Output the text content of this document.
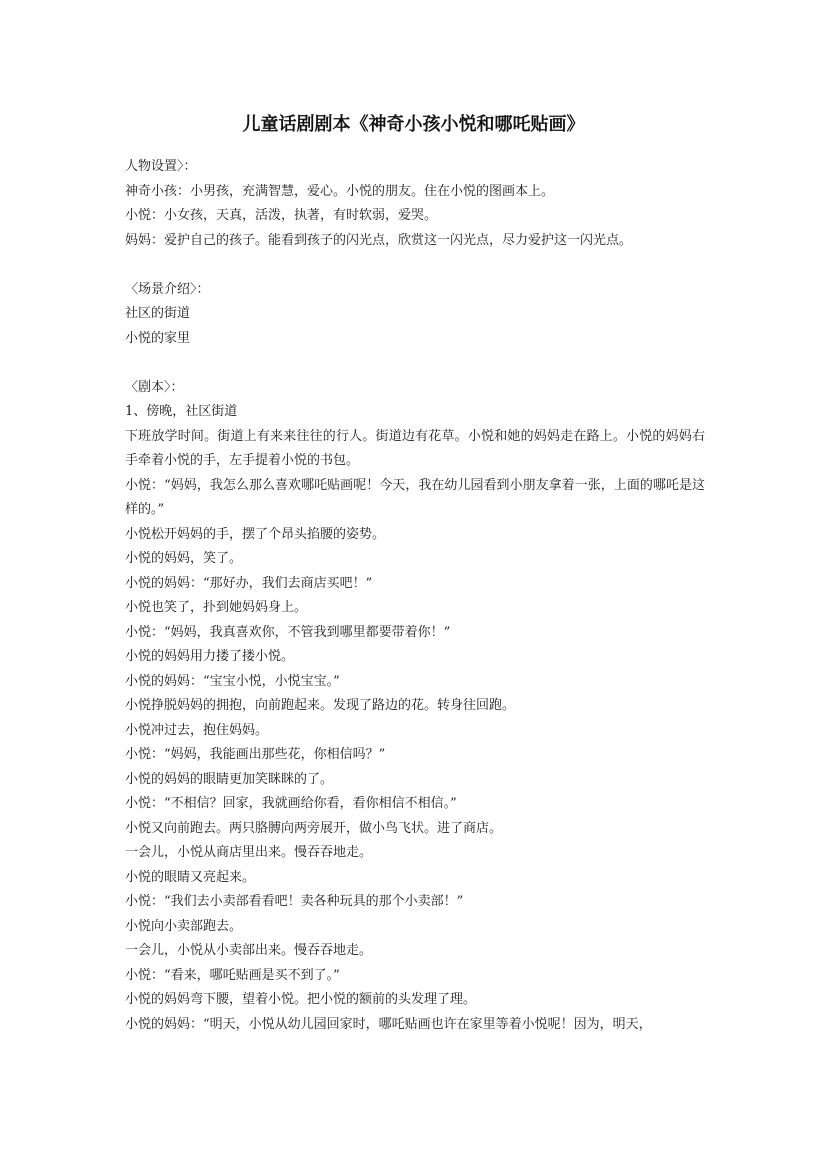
儿童话剧剧本《神奇小孩小悦和哪吒贴画》

人物设置〉：

神奇小孩：小男孩，充满智慧，爱心。小悦的朋友。住在小悦的图画本上。

小悦：小女孩，天真，活泼，执著，有时软弱，爱哭。

妈妈：爱护自己的孩子。能看到孩子的闪光点，欣赏这一闪光点，尽力爱护这一闪光点。

〈场景介绍〉：

社区的街道

小悦的家里

〈剧本〉：

1、傍晚，社区街道

下班放学时间。街道上有来来往往的行人。街道边有花草。小悦和她的妈妈走在路上。小悦的妈妈右手牵着小悦的手，左手提着小悦的书包。

小悦：“妈妈，我怎么那么喜欢哪吒贴画呢！今天，我在幼儿园看到小朋友拿着一张，上面的哪吒是这样的。”

小悦松开妈妈的手，摆了个昂头掐腰的姿势。

小悦的妈妈，笑了。

小悦的妈妈：“那好办，我们去商店买吧！”

小悦也笑了，扑到她妈妈身上。

小悦：“妈妈，我真喜欢你，不管我到哪里都要带着你！”

小悦的妈妈用力搂了搂小悦。

小悦的妈妈：“宝宝小悦，小悦宝宝。”

小悦挣脱妈妈的拥抱，向前跑起来。发现了路边的花。转身往回跑。

小悦冲过去，抱住妈妈。

小悦：“妈妈，我能画出那些花，你相信吗？”

小悦的妈妈的眼睛更加笑眯眯的了。

小悦：“不相信？回家，我就画给你看，看你相信不相信。”

小悦又向前跑去。两只胳膊向两旁展开，做小鸟飞状。进了商店。

一会儿，小悦从商店里出来。慢吞吞地走。

小悦的眼睛又亮起来。

小悦：“我们去小卖部看看吧！卖各种玩具的那个小卖部！”

小悦向小卖部跑去。

一会儿，小悦从小卖部出来。慢吞吞地走。

小悦：“看来，哪吒贴画是买不到了。”

小悦的妈妈弯下腰，望着小悦。把小悦的额前的头发理了理。

小悦的妈妈：“明天，小悦从幼儿园回家时，哪吒贴画也许在家里等着小悦呢！因为，明天，
